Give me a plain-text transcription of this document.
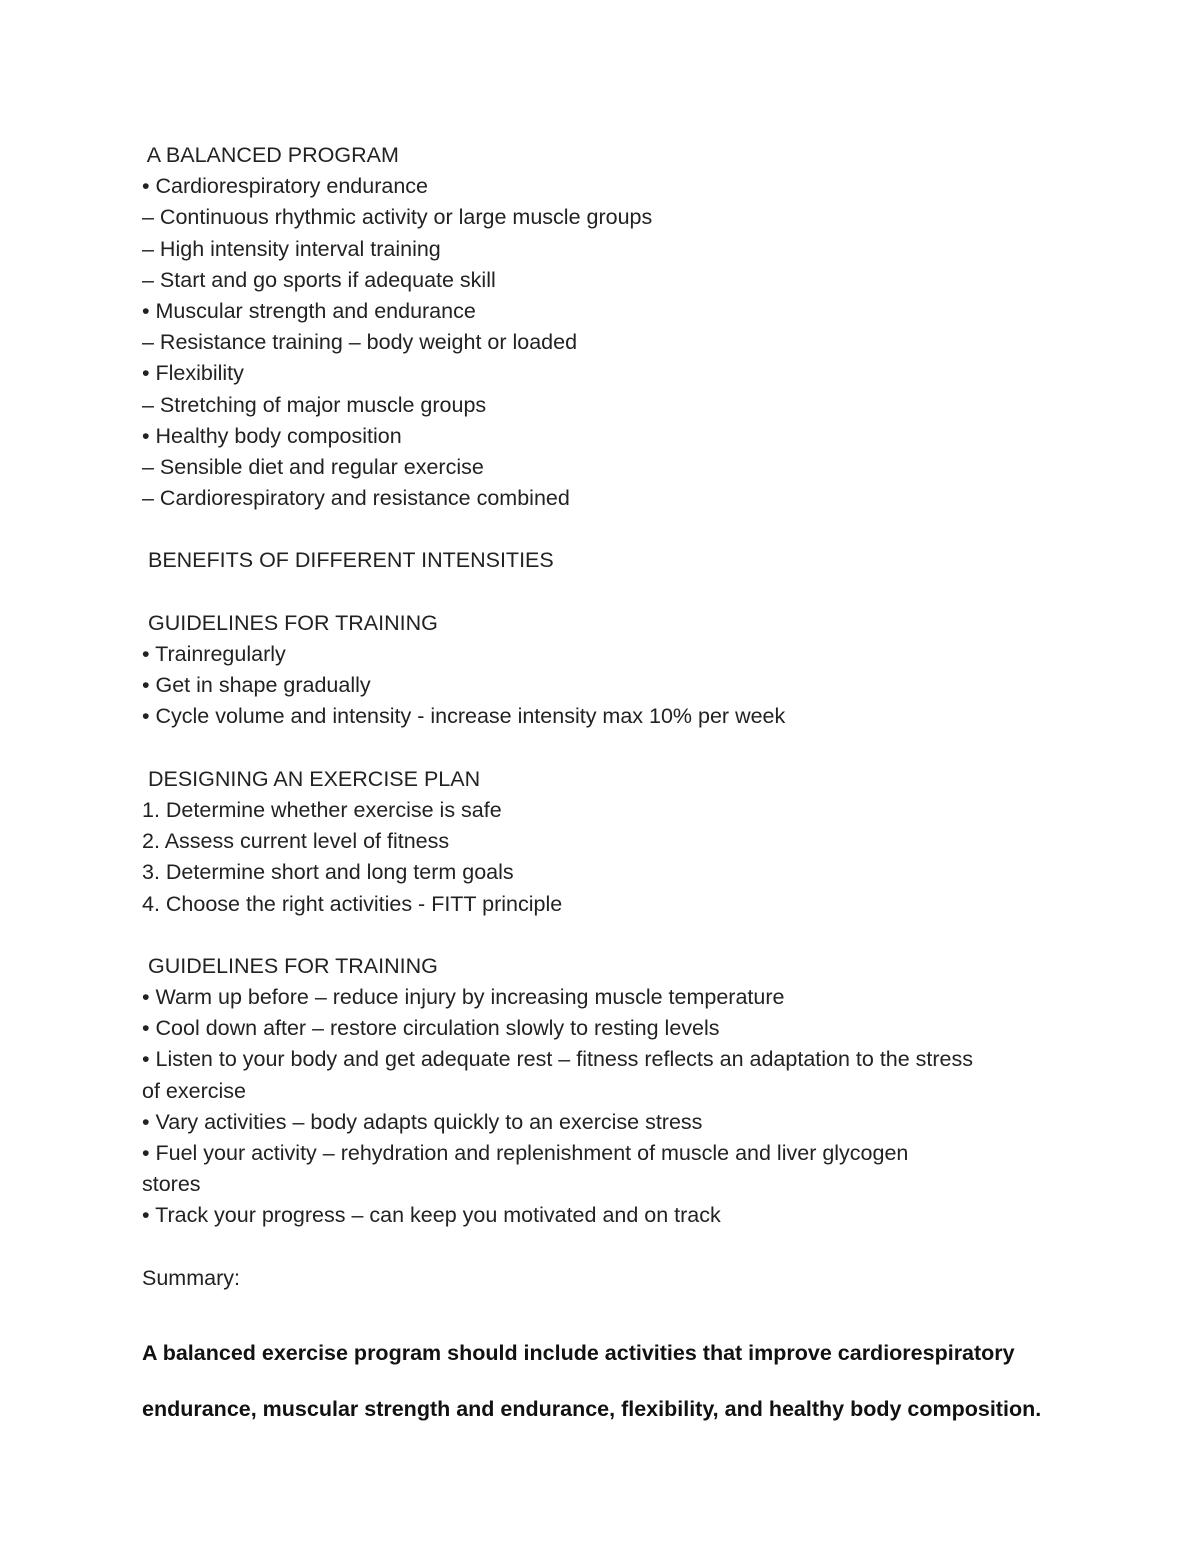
A BALANCED PROGRAM
• Cardiorespiratory endurance
– Continuous rhythmic activity or large muscle groups
– High intensity interval training
– Start and go sports if adequate skill
• Muscular strength and endurance
– Resistance training – body weight or loaded
• Flexibility
– Stretching of major muscle groups
• Healthy body composition
– Sensible diet and regular exercise
– Cardiorespiratory and resistance combined
BENEFITS OF DIFFERENT INTENSITIES
GUIDELINES FOR TRAINING
• Trainregularly
• Get in shape gradually
• Cycle volume and intensity - increase intensity max 10% per week
DESIGNING AN EXERCISE PLAN
1. Determine whether exercise is safe
2. Assess current level of fitness
3. Determine short and long term goals
4. Choose the right activities - FITT principle
GUIDELINES FOR TRAINING
• Warm up before – reduce injury by increasing muscle temperature
• Cool down after – restore circulation slowly to resting levels
• Listen to your body and get adequate rest – fitness reflects an adaptation to the stress
of exercise
• Vary activities – body adapts quickly to an exercise stress
• Fuel your activity – rehydration and replenishment of muscle and liver glycogen
stores
• Track your progress – can keep you motivated and on track
Summary:
A balanced exercise program should include activities that improve cardiorespiratory endurance, muscular strength and endurance, flexibility, and healthy body composition.
